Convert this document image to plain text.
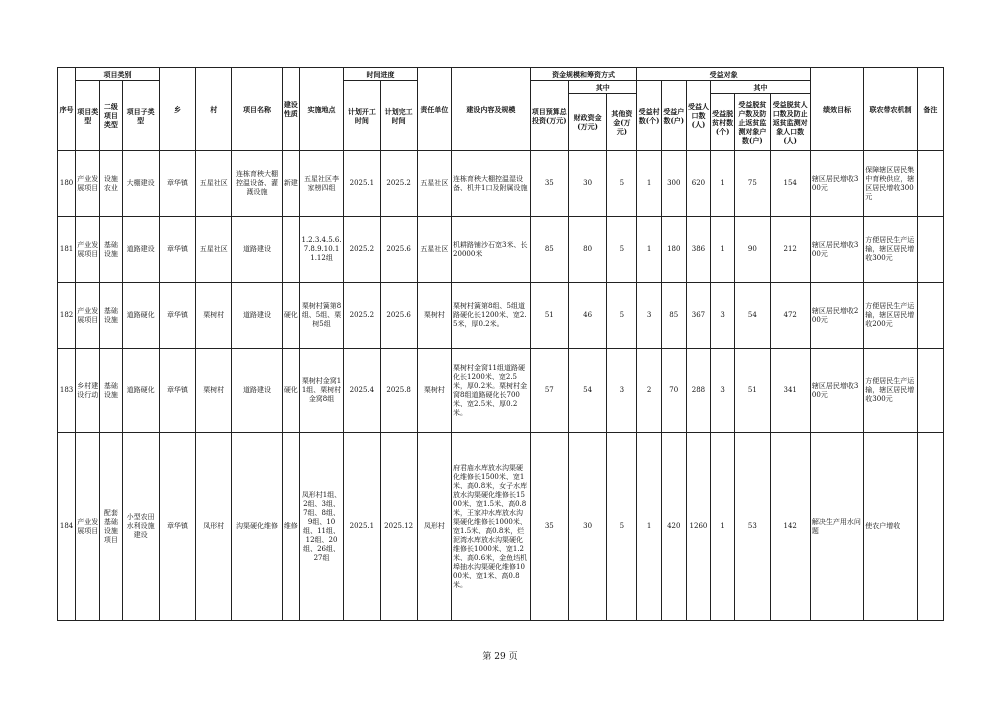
序号	项目类别			乡	村	项目名称	建设性质	实施地点	时间进度		责任单位	建设内容及规模	资金规模和筹资方式			受益对象						绩效目标	联农带农机制	备注
	项目类型	二级项目类型	项目子类型						计划开工时间	计划完工时间			项目预算总投资(万元)	其中		受益村数(个)	受益户数(户)	受益人口数(人)	其中					
														财政资金(万元)	其他资金(万元)				受益脱贫村数(个)	受益脱贫户数及防止返贫监测对象户数(户)	受益脱贫人口数及防止返贫监测对象人口数(人)			
180	产业发展项目	设施农业	大棚建设	章华镇	五星社区	连栋育秧大棚控温设备、灌溉设施	新建	五星社区李家榜四组	2025.1	2025.2	五星社区	连栋育秧大棚控温湿设备、机井1口及附属设施	35	30	5	1	300	620	1	75	154	辖区居民增收300元	保障辖区居民集中育秧供应，辖区居民增收300元	
181	产业发展项目	基础设施	道路建设	章华镇	五星社区	道路建设		1.2.3.4.5.6.7.8.9.10.11.12组	2025.2	2025.6	五星社区	机耕路铺沙石宽3米、长20000米	85	80	5	1	180	386	1	90	212	辖区居民增收300元	方便居民生产运输，辖区居民增收300元	
182	产业发展项目	基础设施	道路硬化	章华镇	栗树村	道路建设	硬化	栗树村簧第8组、5组、栗树5组	2025.2	2025.6	栗树村	栗树村簧第8组、5组道路硬化长1200米、宽2.5米，厚0.2米。	51	46	5	3	85	367	3	54	472	辖区居民增收200元	方便居民生产运输，辖区居民增收200元	
183	乡村建设行动	基础设施	道路硬化	章华镇	栗树村	道路建设	硬化	栗树村金窝11组、栗树村金窝8组	2025.4	2025.8	栗树村	栗树村金窝11组道路硬化长1200米、宽2.5米，厚0.2米。栗树村金窝8组道路硬化长700米、宽2.5米、厚0.2米。	57	54	3	2	70	288	3	51	341	辖区居民增收300元	方便居民生产运输，辖区居民增收300元	
184	产业发展项目	配套基础设施项目	小型农田水利设施建设	章华镇	凤形村	沟渠硬化维修	维修	凤形村1组、2组、3组、7组、8组、9组、10组、11组、12组、20组、26组、27组	2025.1	2025.12	凤形村	府君庙水库放水沟渠硬化维修长1500米、宽1米、高0.8米，女子水库放水沟渠硬化维修长1500米、宽1.5米、高0.8米，王家冲水库放水沟渠硬化维修长1000米、宽1.5米、高0.8米，烂泥湾水库放水沟渠硬化维修长1000米、宽1.2米、高0.6米，金鱼垱机埠抽水沟渠硬化维修1000米、宽1米、高0.8米。	35	30	5	1	420	1260	1	53	142	解决生产用水问题	使农户增收	
第 29 页
